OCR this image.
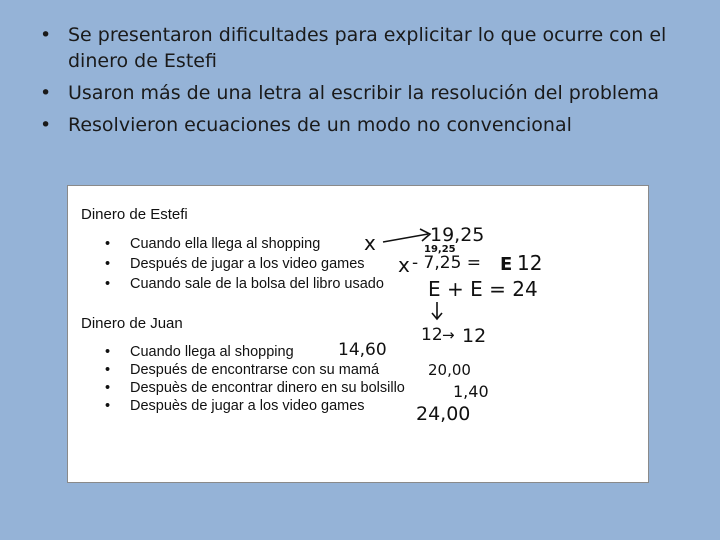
• Se presentaron dificultades para explicitar lo que ocurre con el dinero de Estefi
• Usaron más de una letra al escribir la resolución del problema
• Resolvieron ecuaciones de un modo no convencional
Dinero de Estefi
• Cuando ella llega al shopping
• Después de jugar a los video games
• Cuando sale de la bolsa del libro usado
Dinero de Juan
• Cuando llega al shopping
• Después de encontrarse con su mamá
• Despuès de encontrar dinero en su bolsillo
• Despuès de jugar a los video games
x	19,25
19,25
x - 7,25 = E 12
E + E = 24
12 → 12
14,60
20,00
1,40
24,00
